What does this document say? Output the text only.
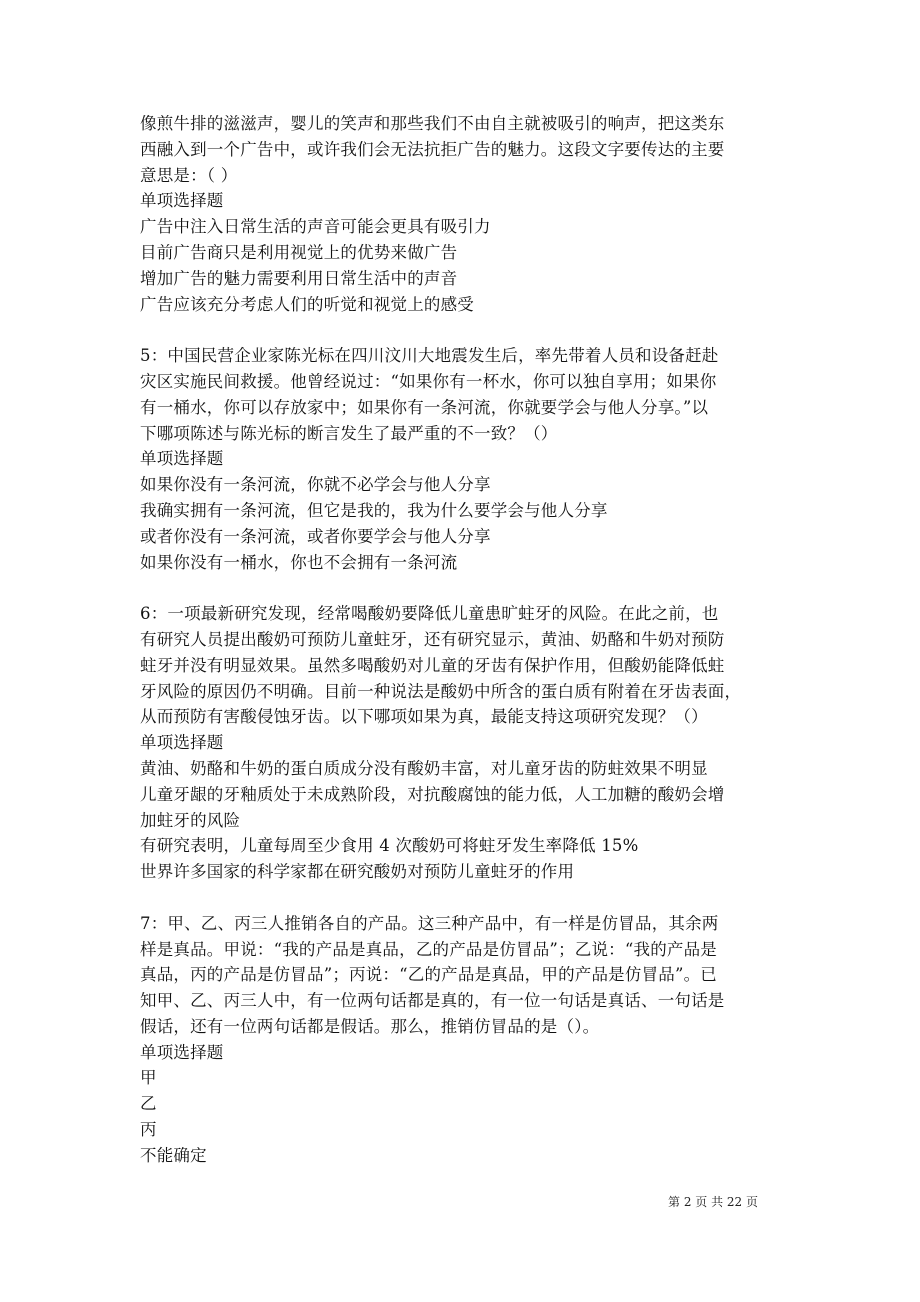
像煎牛排的滋滋声，婴儿的笑声和那些我们不由自主就被吸引的响声，把这类东
西融入到一个广告中，或许我们会无法抗拒广告的魅力。这段文字要传达的主要
意思是：（ ）
单项选择题
广告中注入日常生活的声音可能会更具有吸引力
目前广告商只是利用视觉上的优势来做广告
增加广告的魅力需要利用日常生活中的声音
广告应该充分考虑人们的听觉和视觉上的感受
5：中国民营企业家陈光标在四川汶川大地震发生后，率先带着人员和设备赶赴
灾区实施民间救援。他曾经说过：“如果你有一杯水，你可以独自享用；如果你
有一桶水，你可以存放家中；如果你有一条河流，你就要学会与他人分享。”以
下哪项陈述与陈光标的断言发生了最严重的不一致？（）
单项选择题
如果你没有一条河流，你就不必学会与他人分享
我确实拥有一条河流，但它是我的，我为什么要学会与他人分享
或者你没有一条河流，或者你要学会与他人分享
如果你没有一桶水，你也不会拥有一条河流
6：一项最新研究发现，经常喝酸奶要降低儿童患旷蛀牙的风险。在此之前，也
有研究人员提出酸奶可预防儿童蛀牙，还有研究显示，黄油、奶酪和牛奶对预防
蛀牙并没有明显效果。虽然多喝酸奶对儿童的牙齿有保护作用，但酸奶能降低蛀
牙风险的原因仍不明确。目前一种说法是酸奶中所含的蛋白质有附着在牙齿表面，
从而预防有害酸侵蚀牙齿。以下哪项如果为真，最能支持这项研究发现？（）
单项选择题
黄油、奶酪和牛奶的蛋白质成分没有酸奶丰富，对儿童牙齿的防蛀效果不明显
儿童牙龈的牙釉质处于未成熟阶段，对抗酸腐蚀的能力低，人工加糖的酸奶会增
加蛀牙的风险
有研究表明，儿童每周至少食用 4 次酸奶可将蛀牙发生率降低 15%
世界许多国家的科学家都在研究酸奶对预防儿童蛀牙的作用
7：甲、乙、丙三人推销各自的产品。这三种产品中，有一样是仿冒品，其余两
样是真品。甲说：“我的产品是真品，乙的产品是仿冒品”；乙说：“我的产品是
真品，丙的产品是仿冒品”；丙说：“乙的产品是真品，甲的产品是仿冒品”。已
知甲、乙、丙三人中，有一位两句话都是真的，有一位一句话是真话、一句话是
假话，还有一位两句话都是假话。那么，推销仿冒品的是（）。
单项选择题
甲
乙
丙
不能确定
第 2 页 共 22 页
